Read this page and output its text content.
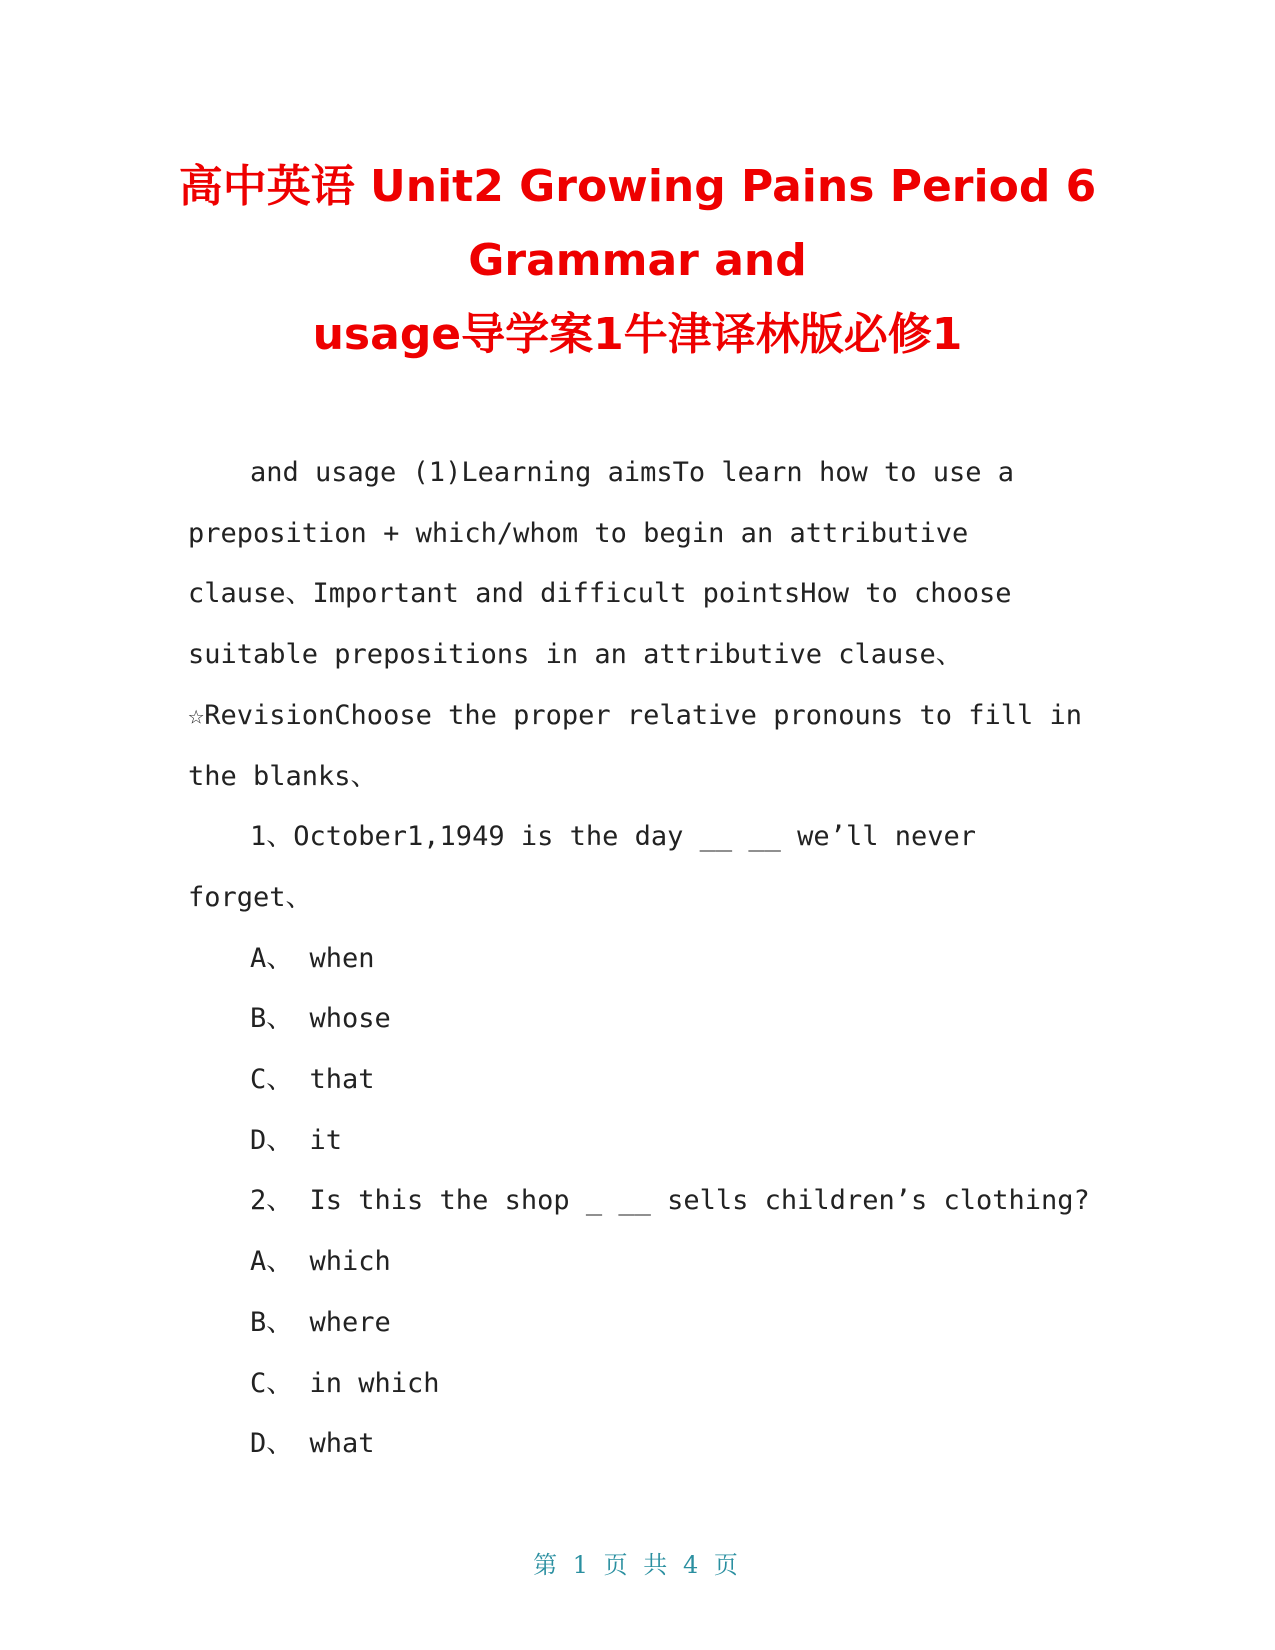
高中英语 Unit2 Growing Pains Period 6
Grammar and
usage导学案1牛津译林版必修1

and usage (1)Learning aimsTo learn how to use a preposition + which/whom to begin an attributive clause、Important and difficult pointsHow to choose suitable prepositions in an attributive clause、☆RevisionChoose the proper relative pronouns to fill in the blanks、

1、October1,1949 is the day __ __ we’ll never forget、

A、 when

B、 whose

C、 that

D、 it

2、 Is this the shop _ __ sells children’s clothing?

A、 which

B、 where

C、 in which

D、 what

第 1 页 共 4 页
